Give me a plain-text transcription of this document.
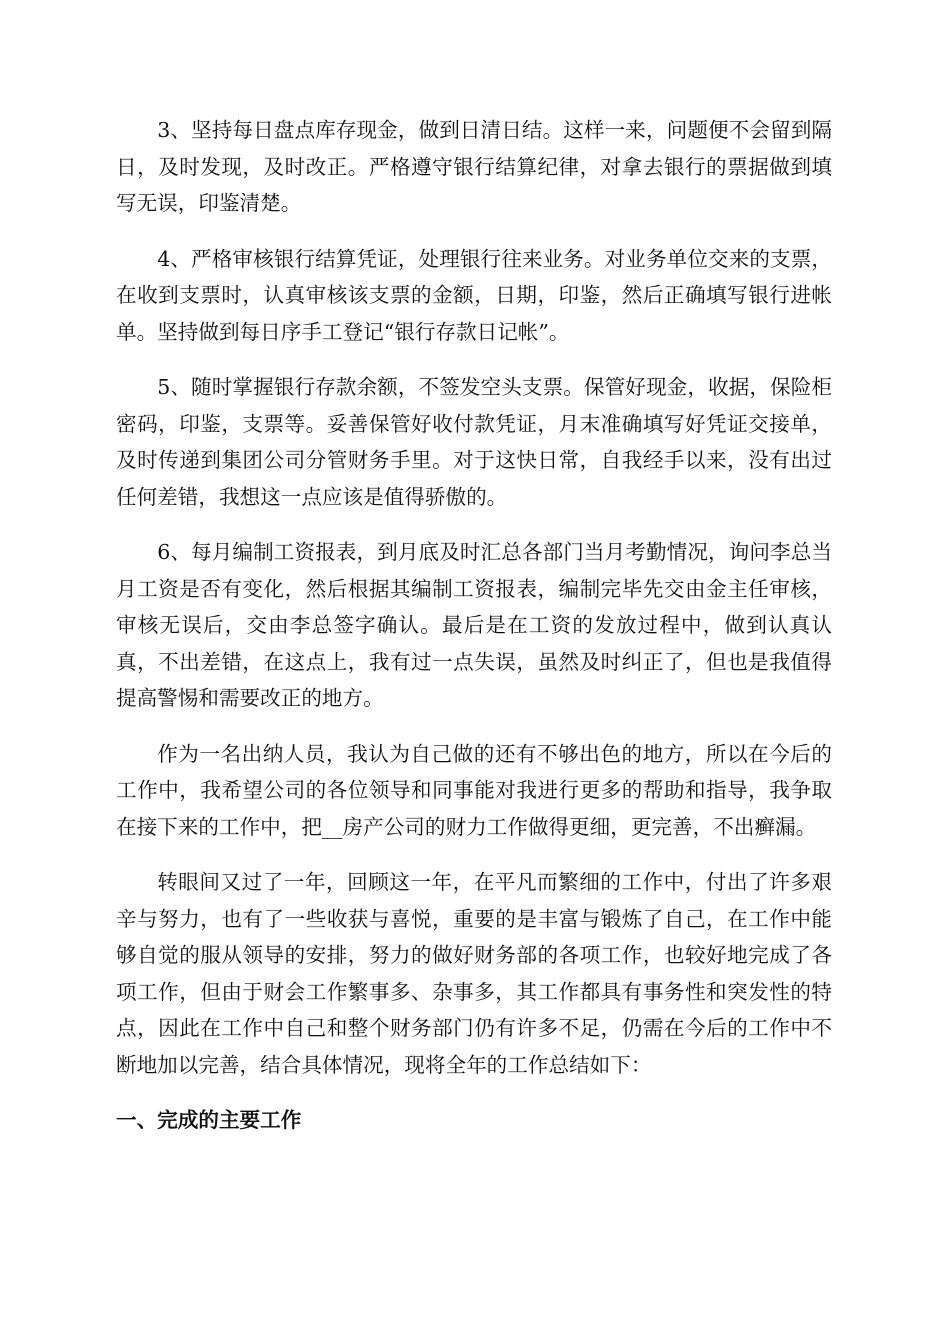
3、坚持每日盘点库存现金，做到日清日结。这样一来，问题便不会留到隔日，及时发现，及时改正。严格遵守银行结算纪律，对拿去银行的票据做到填写无误，印鉴清楚。

4、严格审核银行结算凭证，处理银行往来业务。对业务单位交来的支票，在收到支票时，认真审核该支票的金额，日期，印鉴，然后正确填写银行进帐单。坚持做到每日序手工登记“银行存款日记帐”。

5、随时掌握银行存款余额，不签发空头支票。保管好现金，收据，保险柜密码，印鉴，支票等。妥善保管好收付款凭证，月末准确填写好凭证交接单，及时传递到集团公司分管财务手里。对于这快日常，自我经手以来，没有出过任何差错，我想这一点应该是值得骄傲的。

6、每月编制工资报表，到月底及时汇总各部门当月考勤情况，询问李总当月工资是否有变化，然后根据其编制工资报表，编制完毕先交由金主任审核，审核无误后，交由李总签字确认。最后是在工资的发放过程中，做到认真认真，不出差错，在这点上，我有过一点失误，虽然及时纠正了，但也是我值得提高警惕和需要改正的地方。

作为一名出纳人员，我认为自己做的还有不够出色的地方，所以在今后的工作中，我希望公司的各位领导和同事能对我进行更多的帮助和指导，我争取在接下来的工作中，把__房产公司的财力工作做得更细，更完善，不出癣漏。

转眼间又过了一年，回顾这一年，在平凡而繁细的工作中，付出了许多艰辛与努力，也有了一些收获与喜悦，重要的是丰富与锻炼了自己，在工作中能够自觉的服从领导的安排，努力的做好财务部的各项工作，也较好地完成了各项工作，但由于财会工作繁事多、杂事多，其工作都具有事务性和突发性的特点，因此在工作中自己和整个财务部门仍有许多不足，仍需在今后的工作中不断地加以完善，结合具体情况，现将全年的工作总结如下：

一、完成的主要工作
